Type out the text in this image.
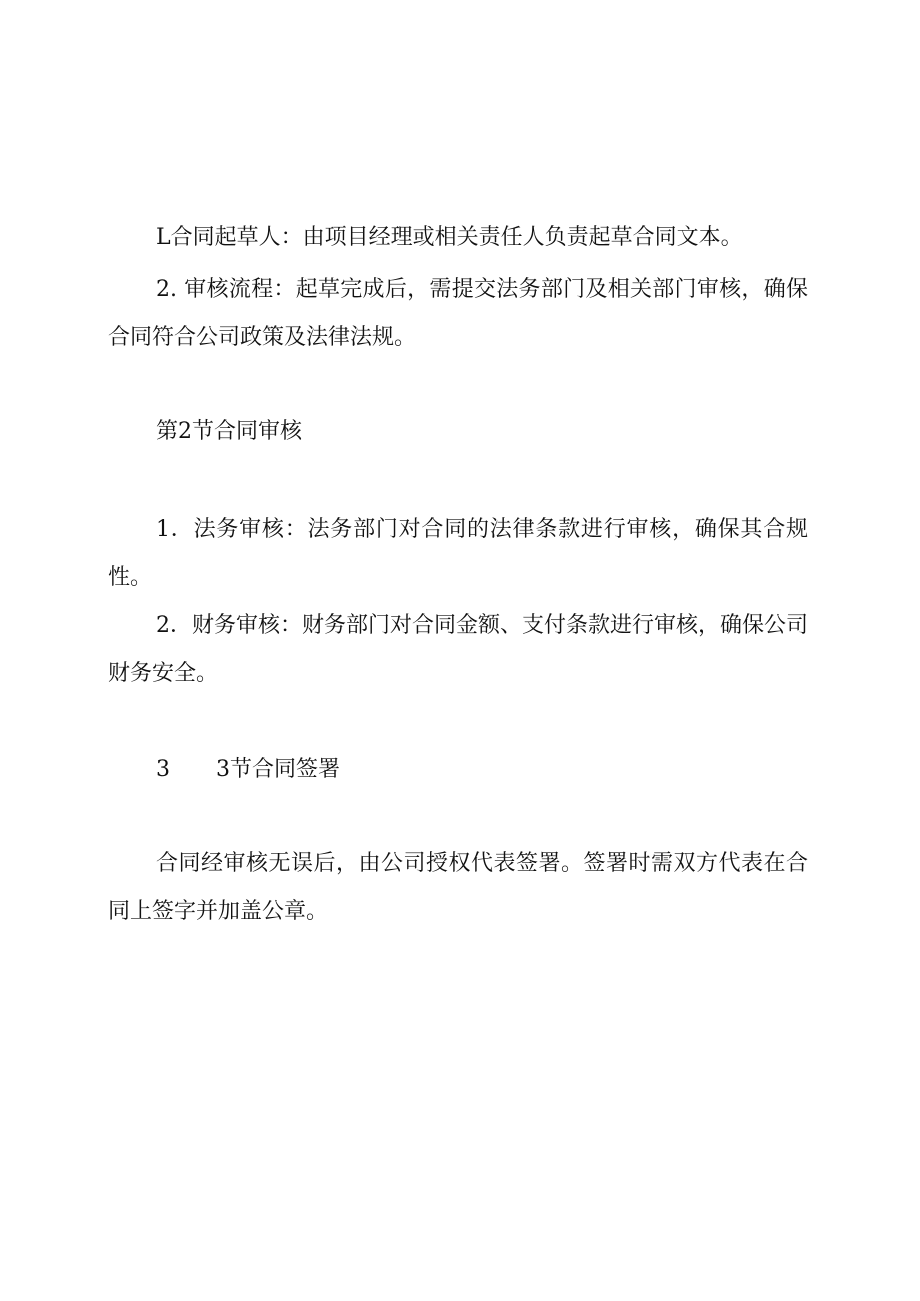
L合同起草人：由项目经理或相关责任人负责起草合同文本。

2. 审核流程：起草完成后，需提交法务部门及相关部门审核，确保合同符合公司政策及法律法规。

第2节合同审核

1．法务审核：法务部门对合同的法律条款进行审核，确保其合规性。

2．财务审核：财务部门对合同金额、支付条款进行审核，确保公司财务安全。

3 3节合同签署

合同经审核无误后，由公司授权代表签署。签署时需双方代表在合同上签字并加盖公章。
